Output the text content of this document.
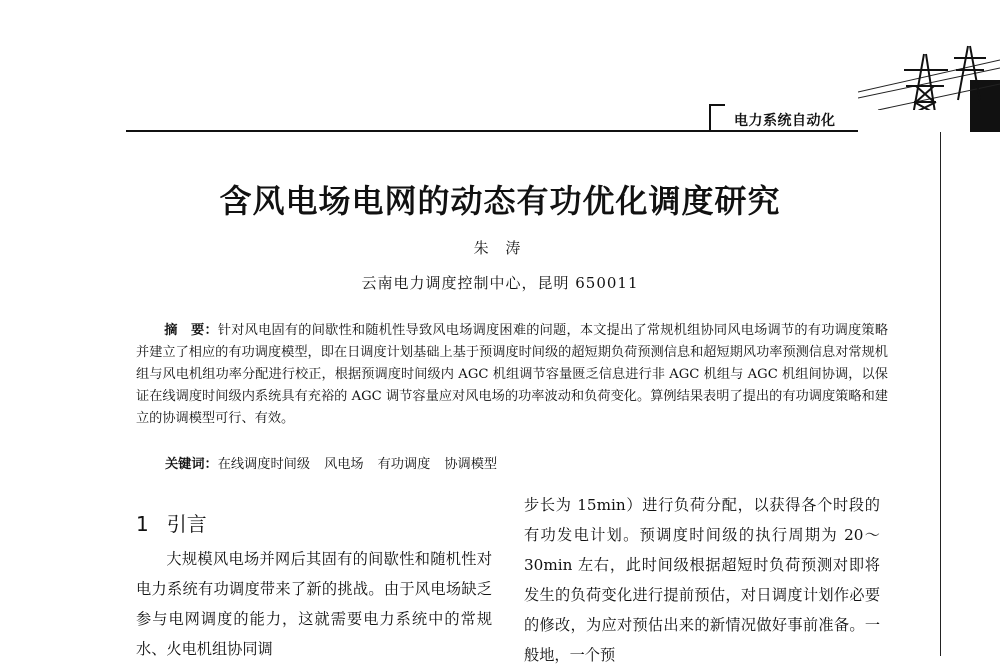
电力系统自动化
含风电场电网的动态有功优化调度研究
朱 涛
云南电力调度控制中心，昆明 650011
摘　要：针对风电固有的间歇性和随机性导致风电场调度困难的问题，本文提出了常规机组协同风电场调节的有功调度策略并建立了相应的有功调度模型，即在日调度计划基础上基于预调度时间级的超短期负荷预测信息和超短期风功率预测信息对常规机组与风电机组功率分配进行校正，根据预调度时间级内 AGC 机组调节容量匮乏信息进行非 AGC 机组与 AGC 机组间协调，以保证在线调度时间级内系统具有充裕的 AGC 调节容量应对风电场的功率波动和负荷变化。算例结果表明了提出的有功调度策略和建立的协调模型可行、有效。
关键词：在线调度时间级 风电场 有功调度 协调模型
1 引言

大规模风电场并网后其固有的间歇性和随机性对电力系统有功调度带来了新的挑战。由于风电场缺乏参与电网调度的能力，这就需要电力系统中的常规水、火电机组协同调

步长为 15min）进行负荷分配，以获得各个时段的有功发电计划。预调度时间级的执行周期为 20～30min 左右，此时间级根据超短时负荷预测对即将发生的负荷变化进行提前预估，对日调度计划作必要的修改，为应对预估出来的新情况做好事前准备。一般地，一个预
